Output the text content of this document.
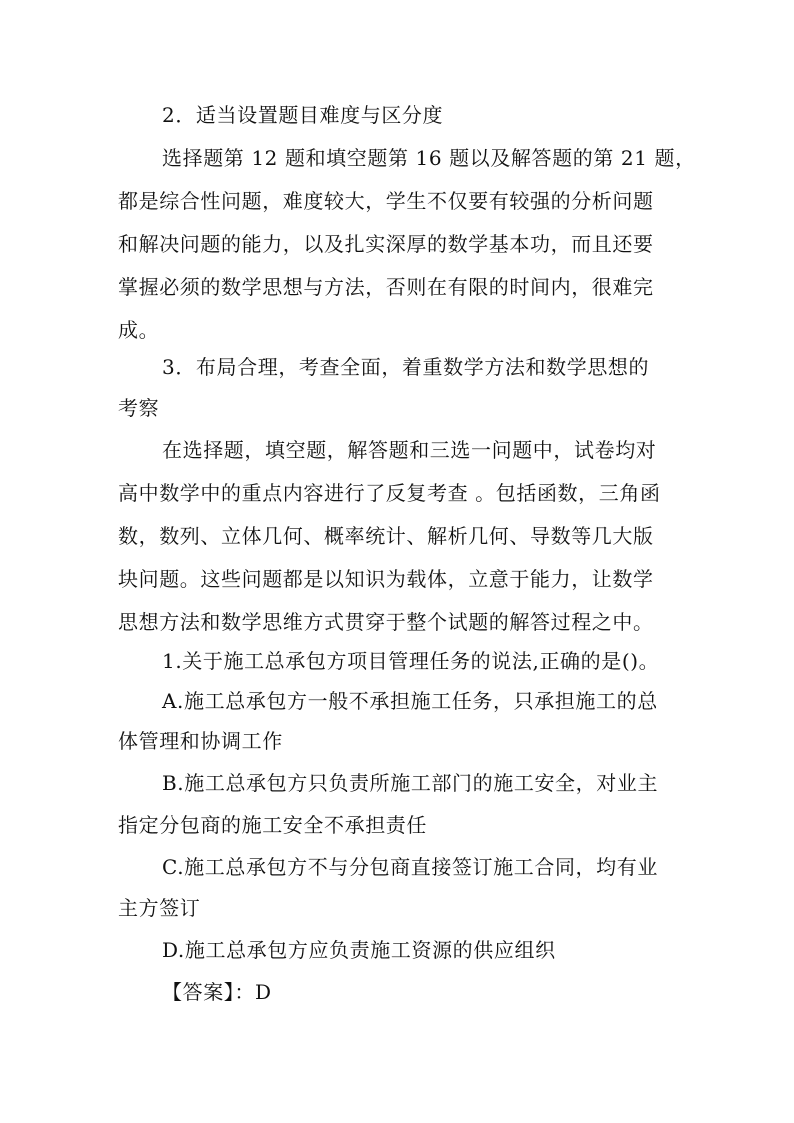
2．适当设置题目难度与区分度
选择题第 12 题和填空题第 16 题以及解答题的第 21 题，
都是综合性问题，难度较大，学生不仅要有较强的分析问题
和解决问题的能力，以及扎实深厚的数学基本功，而且还要
掌握必须的数学思想与方法，否则在有限的时间内，很难完
成。
3．布局合理，考查全面，着重数学方法和数学思想的
考察
在选择题，填空题，解答题和三选一问题中，试卷均对
高中数学中的重点内容进行了反复考查 。包括函数，三角函
数，数列、立体几何、概率统计、解析几何、导数等几大版
块问题。这些问题都是以知识为载体，立意于能力，让数学
思想方法和数学思维方式贯穿于整个试题的解答过程之中。
1.关于施工总承包方项目管理任务的说法,正确的是()。
A.施工总承包方一般不承担施工任务，只承担施工的总
体管理和协调工作
B.施工总承包方只负责所施工部门的施工安全，对业主
指定分包商的施工安全不承担责任
C.施工总承包方不与分包商直接签订施工合同，均有业
主方签订
D.施工总承包方应负责施工资源的供应组织
【答案】：D
